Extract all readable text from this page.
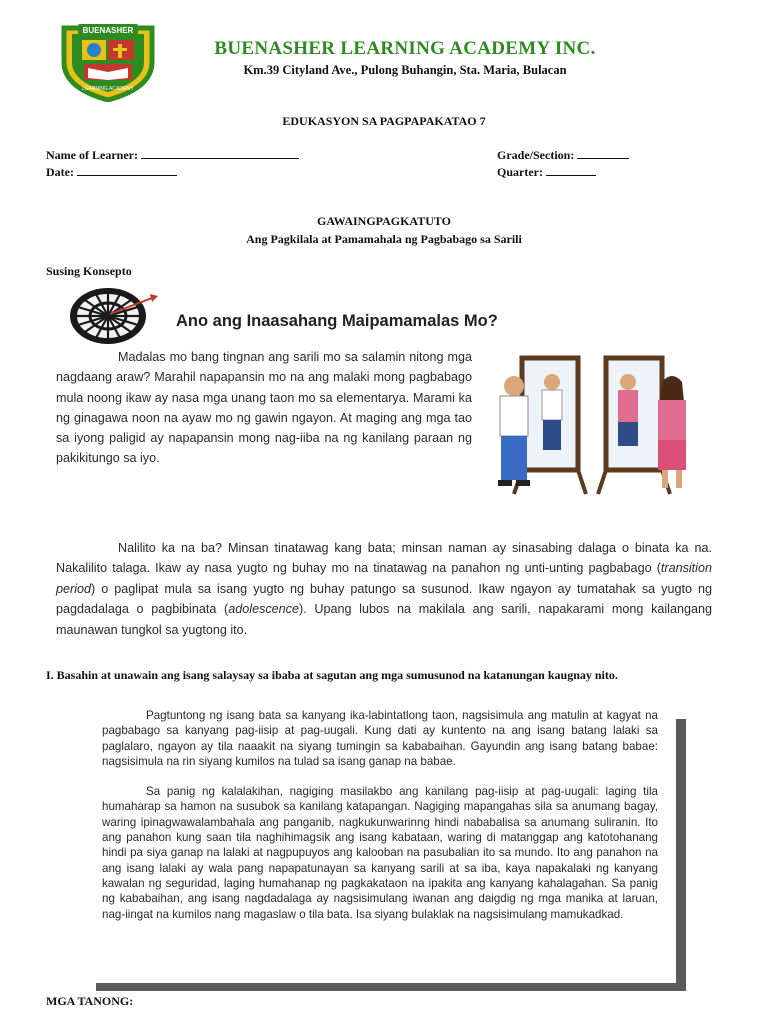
BUENASHER
LEARNING ACADEMY
BUENASHER LEARNING ACADEMY INC.
Km.39 Cityland Ave., Pulong Buhangin, Sta. Maria, Bulacan
EDUKASYON SA PAGPAPAKATAO 7
Name of Learner:
Date:
Grade/Section:
Quarter:
GAWAINGPAGKATUTO
Ang Pagkilala at Pamamahala ng Pagbabago sa Sarili
Susing Konsepto
Ano ang Inaasahang Maipamamalas Mo?
Madalas mo bang tingnan ang sarili mo sa salamin nitong mga nagdaang araw? Marahil napapansin mo na ang malaki mong pagbabago mula noong ikaw ay nasa mga unang taon mo sa elementarya. Marami ka ng ginagawa noon na ayaw mo ng gawin ngayon. At maging ang mga tao sa iyong paligid ay napapansin mong nag-iiba na ng kanilang paraan ng pakikitungo sa iyo.
Nalilito ka na ba? Minsan tinatawag kang bata; minsan naman ay sinasabing dalaga o binata ka na. Nakalilito talaga. Ikaw ay nasa yugto ng buhay mo na tinatawag na panahon ng unti-unting pagbabago (transition period) o paglipat mula sa isang yugto ng buhay patungo sa susunod. Ikaw ngayon ay tumatahak sa yugto ng pagdadalaga o pagbibinata (adolescence). Upang lubos na makilala ang sarili, napakarami mong kailangang maunawan tungkol sa yugtong ito.
I. Basahin at unawain ang isang salaysay sa ibaba at sagutan ang mga sumusunod na katanungan kaugnay nito.

Pagtuntong ng isang bata sa kanyang ika-labintatlong taon, nagsisimula ang matulin at kagyat na pagbabago sa kanyang pag-iisip at pag-uugali. Kung dati ay kuntento na ang isang batang lalaki sa paglalaro, ngayon ay tila naaakit na siyang tumingin sa kababaihan. Gayundin ang isang batang babae: nagsisimula na rin siyang kumilos na tulad sa isang ganap na babae.

Sa panig ng kalalakihan, nagiging masilakbo ang kanilang pag-iisip at pag-uugali: laging tila humaharap sa hamon na susubok sa kanilang katapangan. Nagiging mapangahas sila sa anumang bagay, waring ipinagwawalambahala ang panganib, nagkukunwarinng hindi nababalisa sa anumang suliranin. Ito ang panahon kung saan tila naghihimagsik ang isang kabataan, waring di matanggap ang katotohanang hindi pa siya ganap na lalaki at nagpupuyos ang kalooban na pasubalian ito sa mundo. Ito ang panahon na ang isang lalaki ay wala pang napapatunayan sa kanyang sarili at sa iba, kaya napakalaki ng kanyang kawalan ng seguridad, laging humahanap ng pagkakataon na ipakita ang kanyang kahalagahan. Sa panig ng kababaihan, ang isang nagdadalaga ay nagsisimulang iwanan ang daigdig ng mga manika at laruan, nag-iingat na kumilos nang magaslaw o tila bata. Isa siyang bulaklak na nagsisimulang mamukadkad.

MGA TANONG:
